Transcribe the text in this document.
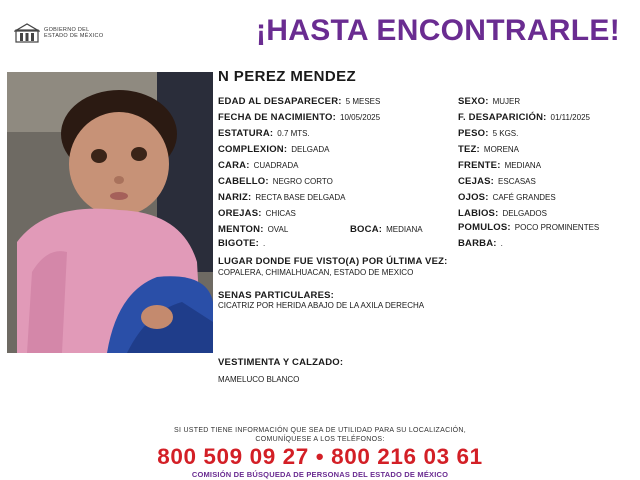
GOBIERNO DEL
ESTADO DE MÉXICO	¡HASTA ENCONTRARLE!
N PEREZ MENDEZ
EDAD AL DESAPARECER: 5 MESES
FECHA DE NACIMIENTO: 10/05/2025
ESTATURA: 0.7 MTS.
COMPLEXION: DELGADA
CARA: CUADRADA
CABELLO: NEGRO CORTO
NARIZ: RECTA BASE DELGADA
OREJAS: CHICAS
MENTON: OVAL	BOCA: MEDIANA
BIGOTE: .
SEXO: MUJER
F. DESAPARICIÓN: 01/11/2025
PESO: 5 KGS.
TEZ: MORENA
FRENTE: MEDIANA
CEJAS: ESCASAS
OJOS: CAFÉ GRANDES
LABIOS: DELGADOS
POMULOS: POCO PROMINENTES
BARBA: .
LUGAR DONDE FUE VISTO(A) POR ÚLTIMA VEZ:
COPALERA, CHIMALHUACAN, ESTADO DE MEXICO
SENAS PARTICULARES:
CICATRIZ POR HERIDA ABAJO DE LA AXILA DERECHA
VESTIMENTA Y CALZADO:
MAMELUCO BLANCO
SI USTED TIENE INFORMACIÓN QUE SEA DE UTILIDAD PARA SU LOCALIZACIÓN,
COMUNÍQUESE A LOS TELÉFONOS:
800 509 09 27 • 800 216 03 61
COMISIÓN DE BÚSQUEDA DE PERSONAS DEL ESTADO DE MÉXICO
